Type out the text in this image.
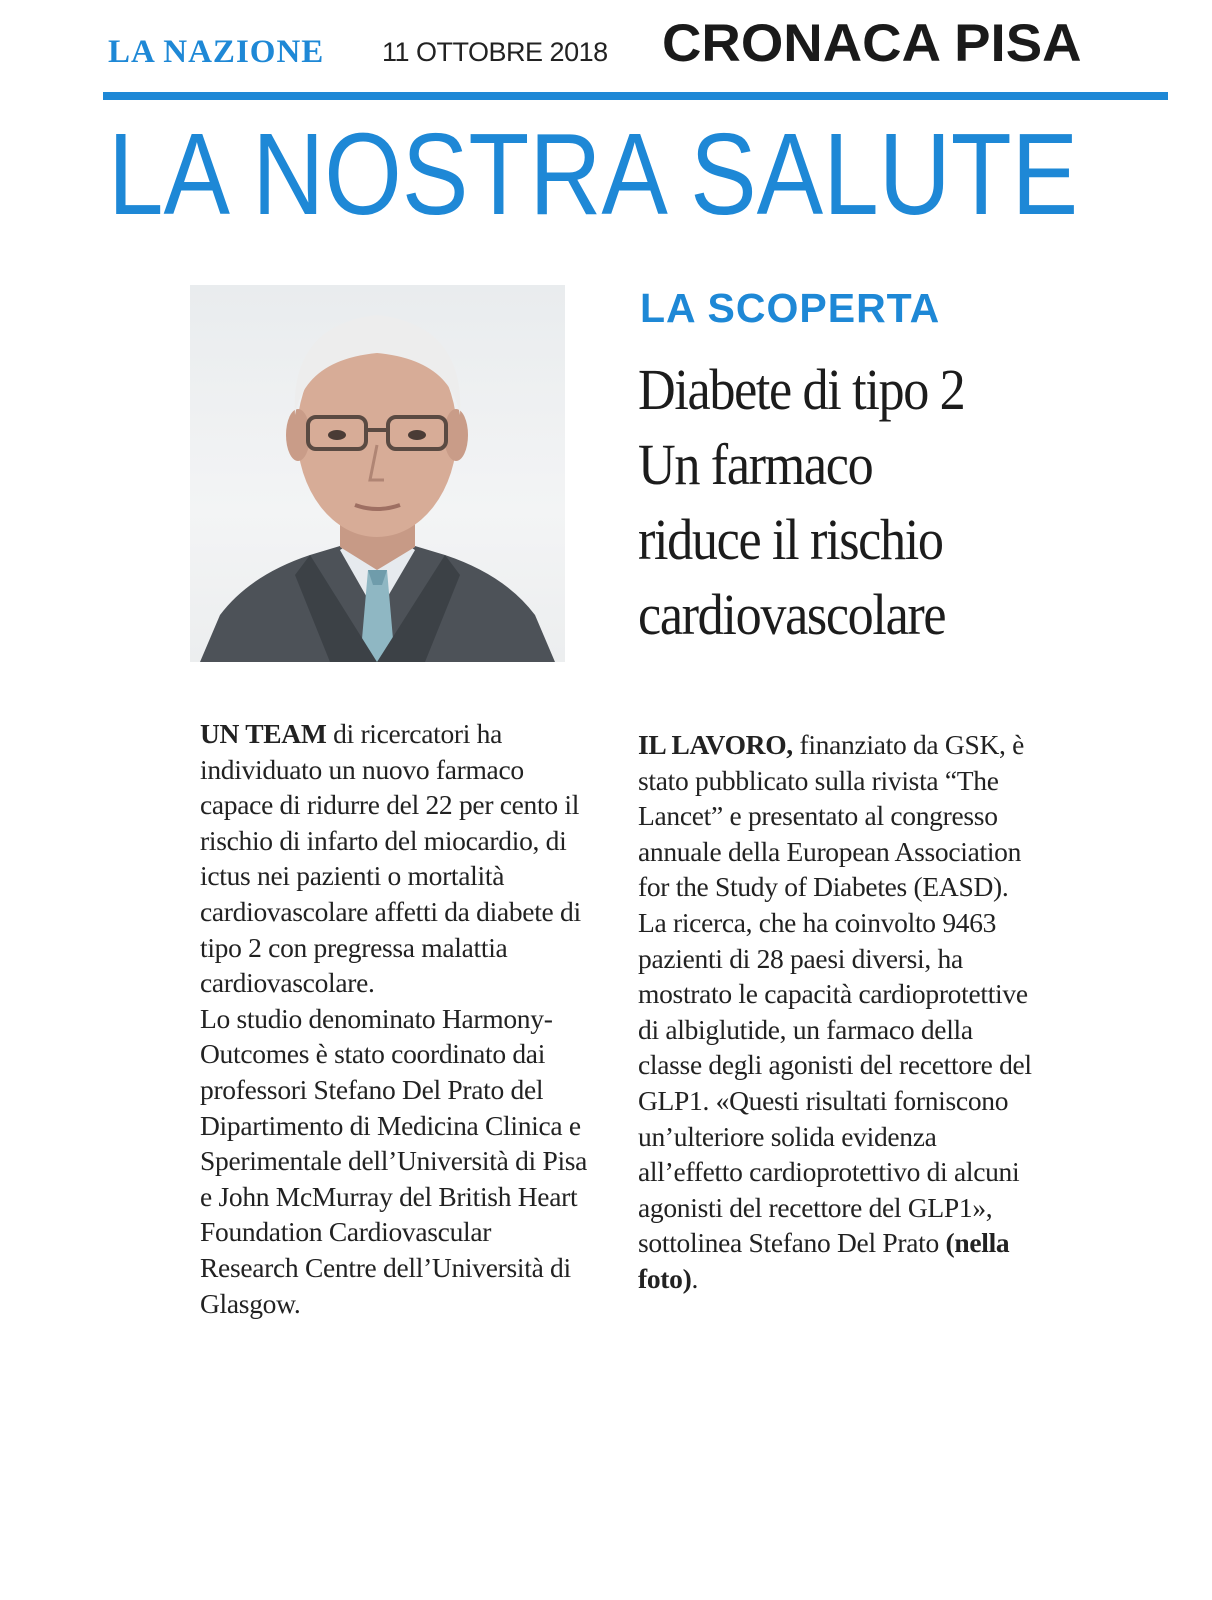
LA NAZIONE 11 OTTOBRE 2018 CRONACA PISA
LA NOSTRA SALUTE
LA SCOPERTA
Diabete di tipo 2
Un farmaco
riduce il rischio
cardiovascolare

UN TEAM di ricercatori ha individuato un nuovo farmaco capace di ridurre del 22 per cento il rischio di infarto del miocardio, di ictus nei pazienti o mortalità cardiovascolare affetti da diabete di tipo 2 con pregressa malattia cardiovascolare.

Lo studio denominato Harmony-Outcomes è stato coordinato dai professori Stefano Del Prato del Dipartimento di Medicina Clinica e Sperimentale dell’Università di Pisa e John McMurray del British Heart Foundation Cardiovascular Research Centre dell’Università di Glasgow.

IL LAVORO, finanziato da GSK, è stato pubblicato sulla rivista “The Lancet” e presentato al congresso annuale della European Association for the Study of Diabetes (EASD). La ricerca, che ha coinvolto 9463 pazienti di 28 paesi diversi, ha mostrato le capacità cardioprotettive di albiglutide, un farmaco della classe degli agonisti del recettore del GLP1. «Questi risultati forniscono un’ulteriore solida evidenza all’effetto cardioprotettivo di alcuni agonisti del recettore del GLP1», sottolinea Stefano Del Prato (nella foto).
